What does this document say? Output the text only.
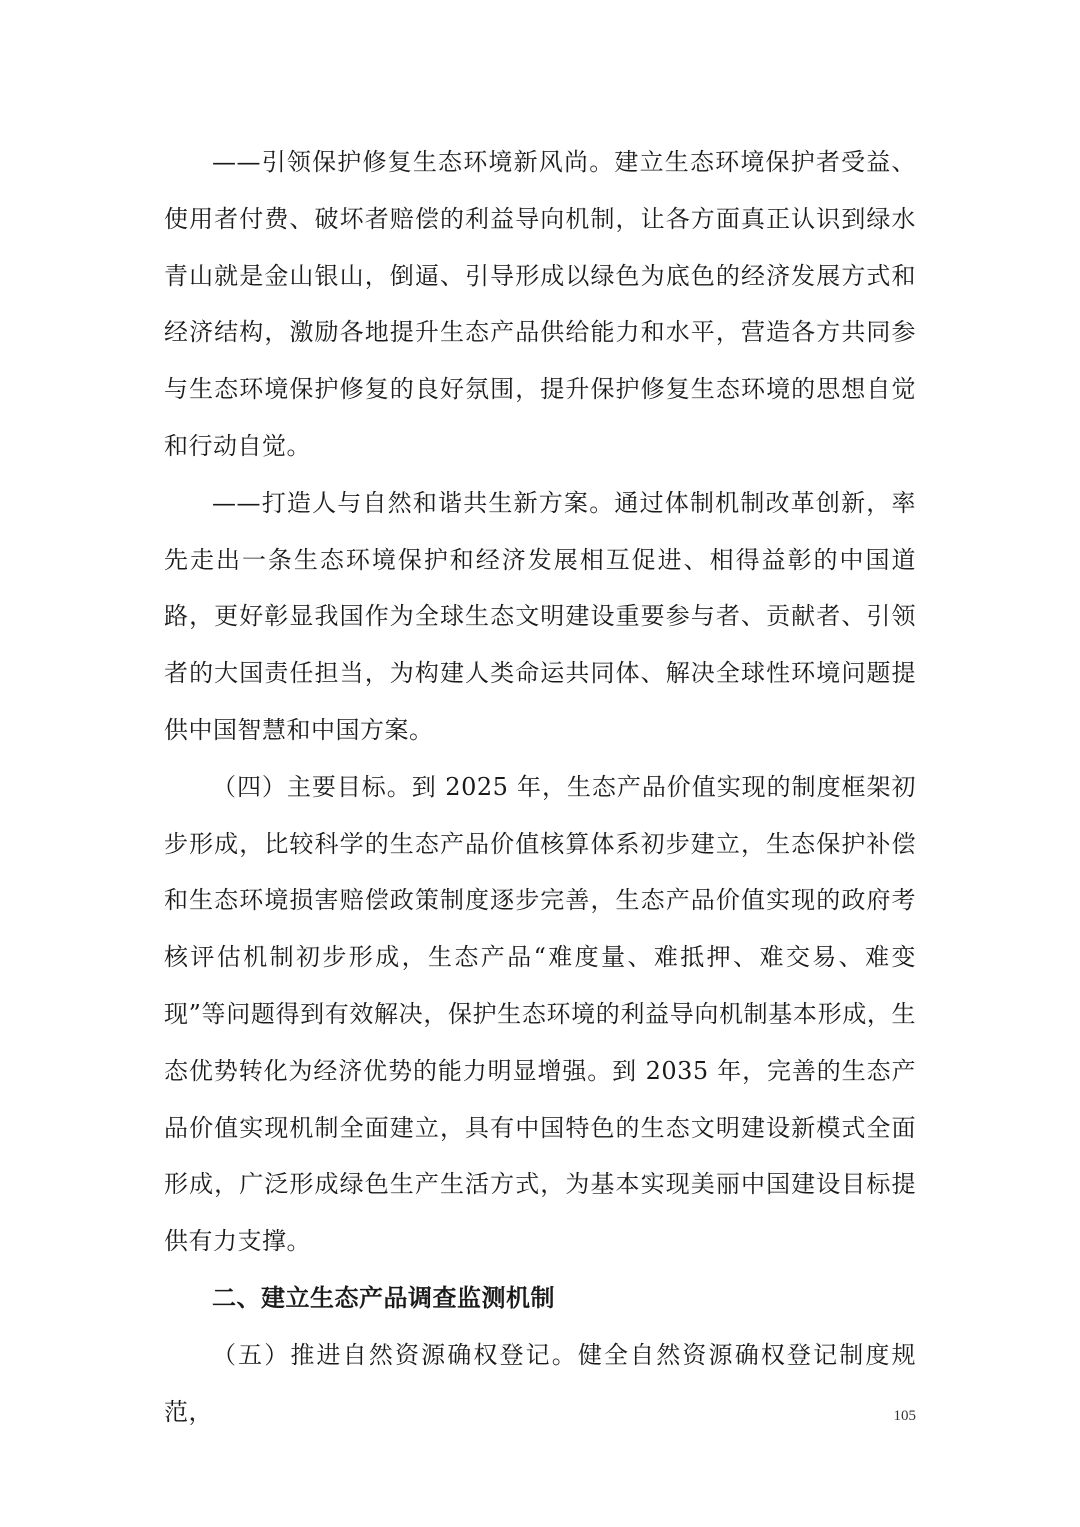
——引领保护修复生态环境新风尚。建立生态环境保护者受益、使用者付费、破坏者赔偿的利益导向机制，让各方面真正认识到绿水青山就是金山银山，倒逼、引导形成以绿色为底色的经济发展方式和经济结构，激励各地提升生态产品供给能力和水平，营造各方共同参与生态环境保护修复的良好氛围，提升保护修复生态环境的思想自觉和行动自觉。

——打造人与自然和谐共生新方案。通过体制机制改革创新，率先走出一条生态环境保护和经济发展相互促进、相得益彰的中国道路，更好彰显我国作为全球生态文明建设重要参与者、贡献者、引领者的大国责任担当，为构建人类命运共同体、解决全球性环境问题提供中国智慧和中国方案。

（四）主要目标。到 2025 年，生态产品价值实现的制度框架初步形成，比较科学的生态产品价值核算体系初步建立，生态保护补偿和生态环境损害赔偿政策制度逐步完善，生态产品价值实现的政府考核评估机制初步形成，生态产品“难度量、难抵押、难交易、难变现”等问题得到有效解决，保护生态环境的利益导向机制基本形成，生态优势转化为经济优势的能力明显增强。到 2035 年，完善的生态产品价值实现机制全面建立，具有中国特色的生态文明建设新模式全面形成，广泛形成绿色生产生活方式，为基本实现美丽中国建设目标提供有力支撑。

二、建立生态产品调查监测机制

（五）推进自然资源确权登记。健全自然资源确权登记制度规范，	105
